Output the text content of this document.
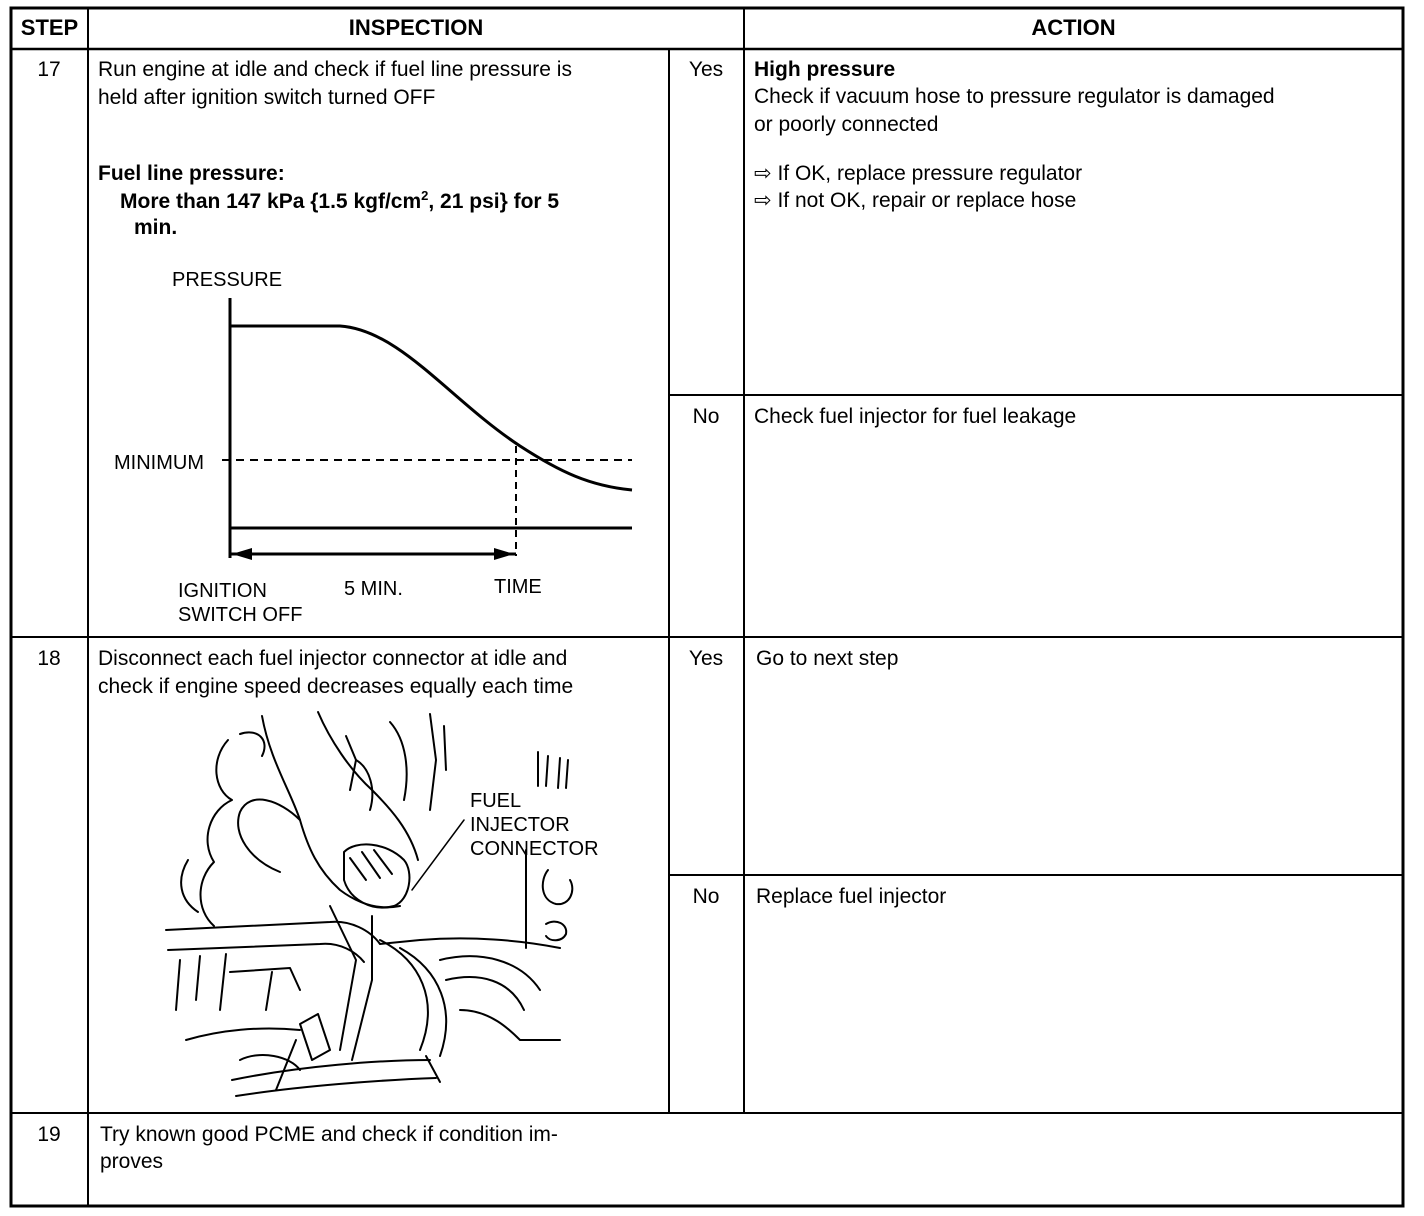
STEP	INSPECTION	ACTION
17	Run engine at idle and check if fuel line pressure is
held after ignition switch turned OFF
Fuel line pressure:
More than 147 kPa {1.5 kgf/$cm^2$, 21 psi} for 5
min.
PRESSURE
MINIMUM
IGNITION
SWITCH OFF
5 MIN.	TIME
Yes	High pressure
Check if vacuum hose to pressure regulator is damaged
or poorly connected
⇨ If OK, replace pressure regulator
⇨ If not OK, repair or replace hose
No	Check fuel injector for fuel leakage
18	Disconnect each fuel injector connector at idle and
check if engine speed decreases equally each time
FUEL
INJECTOR
CONNECTOR
Yes	Go to next step
No	Replace fuel injector
19	Try known good PCME and check if condition im-
proves
